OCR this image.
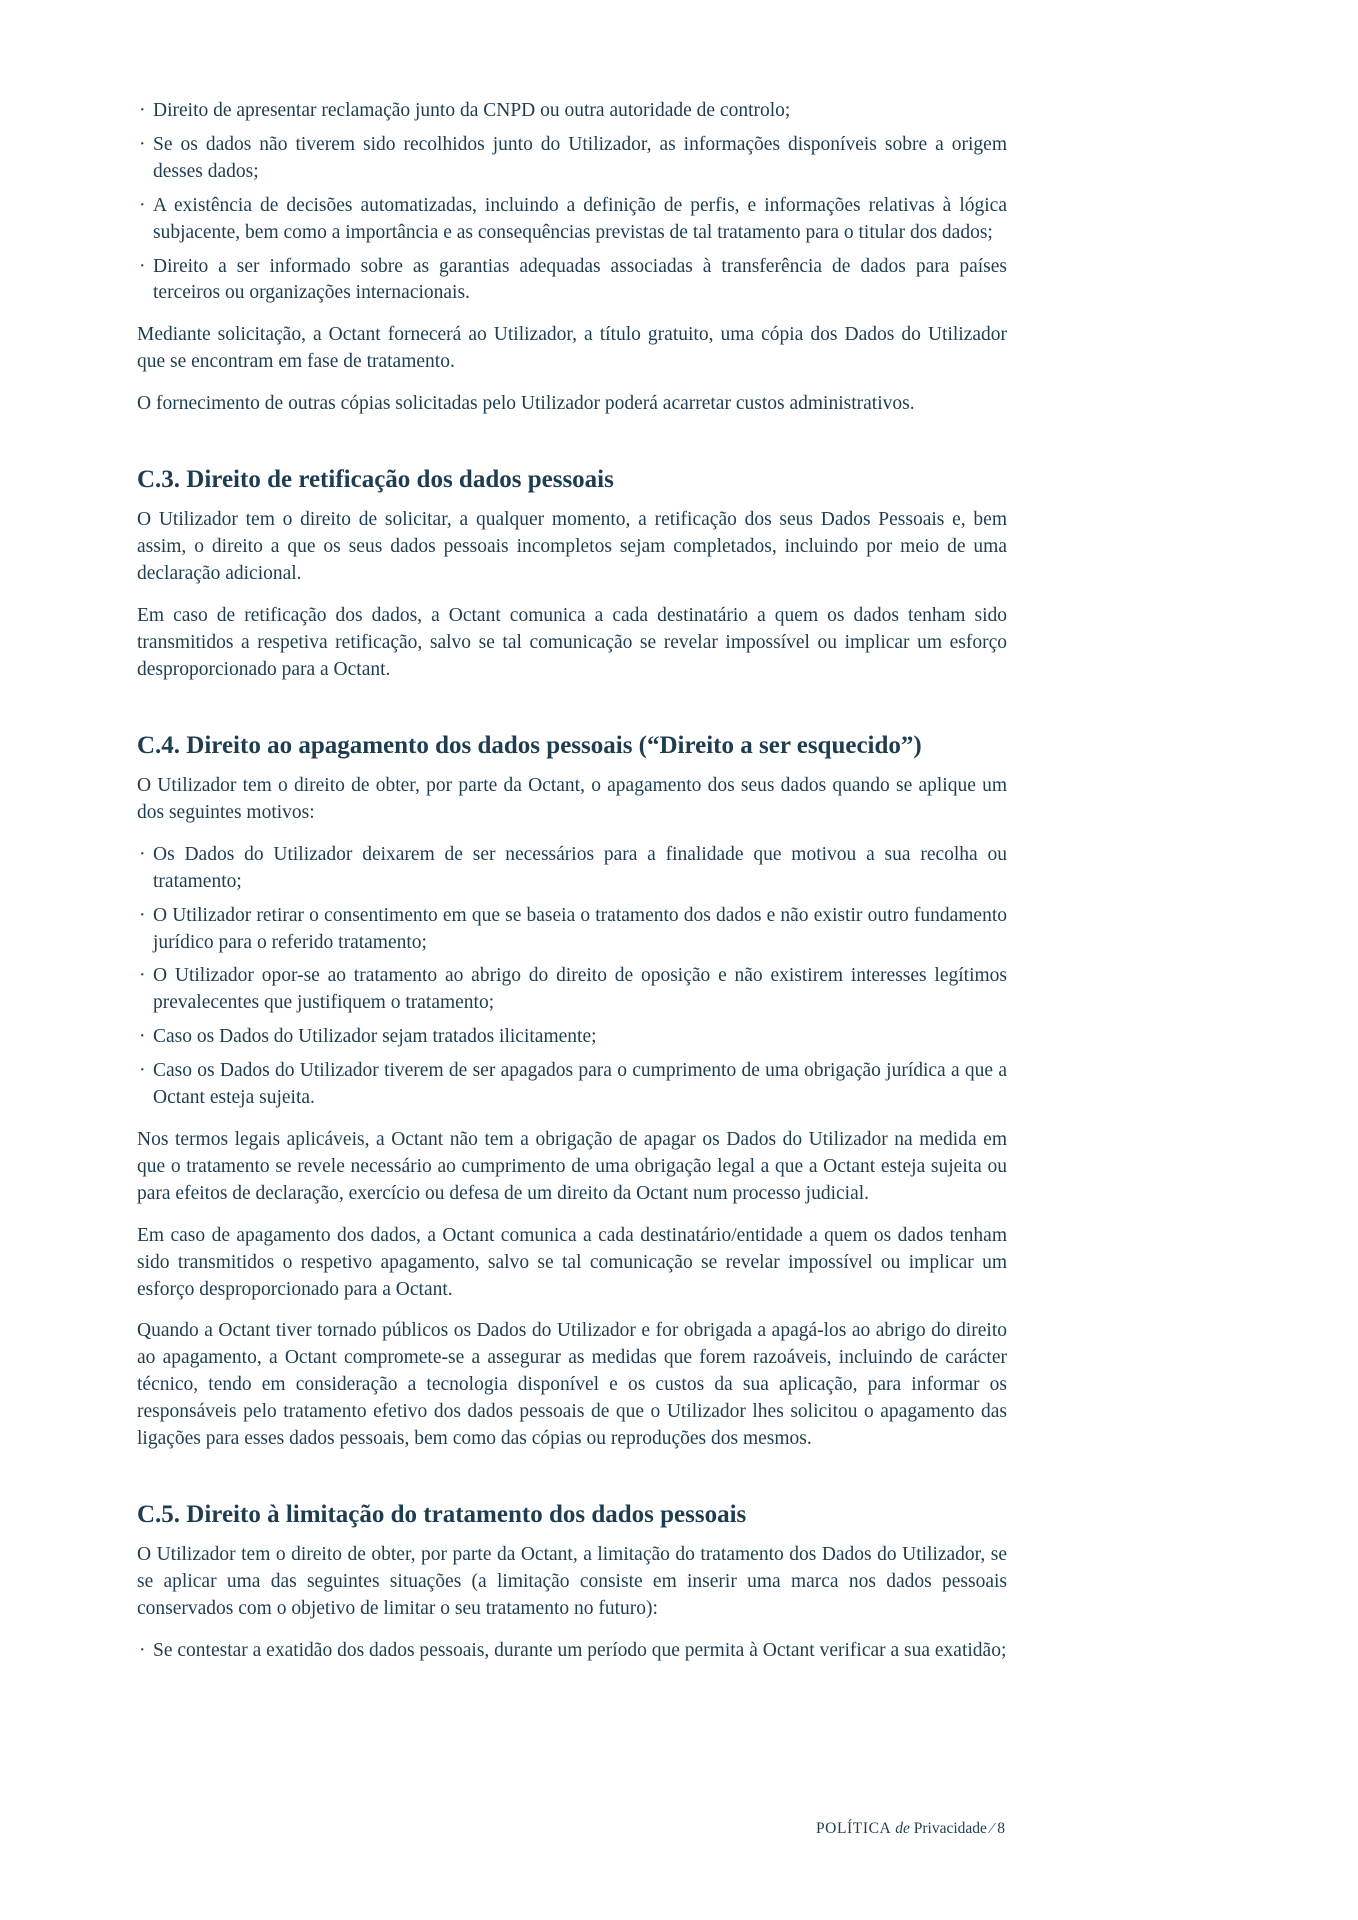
· Direito de apresentar reclamação junto da CNPD ou outra autoridade de controlo;
· Se os dados não tiverem sido recolhidos junto do Utilizador, as informações disponíveis sobre a origem desses dados;
· A existência de decisões automatizadas, incluindo a definição de perfis, e informações relativas à lógica subjacente, bem como a importância e as consequências previstas de tal tratamento para o titular dos dados;
· Direito a ser informado sobre as garantias adequadas associadas à transferência de dados para países terceiros ou organizações internacionais.

Mediante solicitação, a Octant fornecerá ao Utilizador, a título gratuito, uma cópia dos Dados do Utilizador que se encontram em fase de tratamento.

O fornecimento de outras cópias solicitadas pelo Utilizador poderá acarretar custos administrativos.

C.3. Direito de retificação dos dados pessoais

O Utilizador tem o direito de solicitar, a qualquer momento, a retificação dos seus Dados Pessoais e, bem assim, o direito a que os seus dados pessoais incompletos sejam completados, incluindo por meio de uma declaração adicional.

Em caso de retificação dos dados, a Octant comunica a cada destinatário a quem os dados tenham sido transmitidos a respetiva retificação, salvo se tal comunicação se revelar impossível ou implicar um esforço desproporcionado para a Octant.

C.4. Direito ao apagamento dos dados pessoais (“Direito a ser esquecido”)

O Utilizador tem o direito de obter, por parte da Octant, o apagamento dos seus dados quando se aplique um dos seguintes motivos:

· Os Dados do Utilizador deixarem de ser necessários para a finalidade que motivou a sua recolha ou tratamento;
· O Utilizador retirar o consentimento em que se baseia o tratamento dos dados e não existir outro fundamento jurídico para o referido tratamento;
· O Utilizador opor-se ao tratamento ao abrigo do direito de oposição e não existirem interesses legítimos prevalecentes que justifiquem o tratamento;
· Caso os Dados do Utilizador sejam tratados ilicitamente;
· Caso os Dados do Utilizador tiverem de ser apagados para o cumprimento de uma obrigação jurídica a que a Octant esteja sujeita.

Nos termos legais aplicáveis, a Octant não tem a obrigação de apagar os Dados do Utilizador na medida em que o tratamento se revele necessário ao cumprimento de uma obrigação legal a que a Octant esteja sujeita ou para efeitos de declaração, exercício ou defesa de um direito da Octant num processo judicial.

Em caso de apagamento dos dados, a Octant comunica a cada destinatário/entidade a quem os dados tenham sido transmitidos o respetivo apagamento, salvo se tal comunicação se revelar impossível ou implicar um esforço desproporcionado para a Octant.

Quando a Octant tiver tornado públicos os Dados do Utilizador e for obrigada a apagá-los ao abrigo do direito ao apagamento, a Octant compromete-se a assegurar as medidas que forem razoáveis, incluindo de carácter técnico, tendo em consideração a tecnologia disponível e os custos da sua aplicação, para informar os responsáveis pelo tratamento efetivo dos dados pessoais de que o Utilizador lhes solicitou o apagamento das ligações para esses dados pessoais, bem como das cópias ou reproduções dos mesmos.

C.5. Direito à limitação do tratamento dos dados pessoais

O Utilizador tem o direito de obter, por parte da Octant, a limitação do tratamento dos Dados do Utilizador, se se aplicar uma das seguintes situações (a limitação consiste em inserir uma marca nos dados pessoais conservados com o objetivo de limitar o seu tratamento no futuro):

· Se contestar a exatidão dos dados pessoais, durante um período que permita à Octant verificar a sua exatidão;
POLÍTICA de Privacidade ∕ 8
